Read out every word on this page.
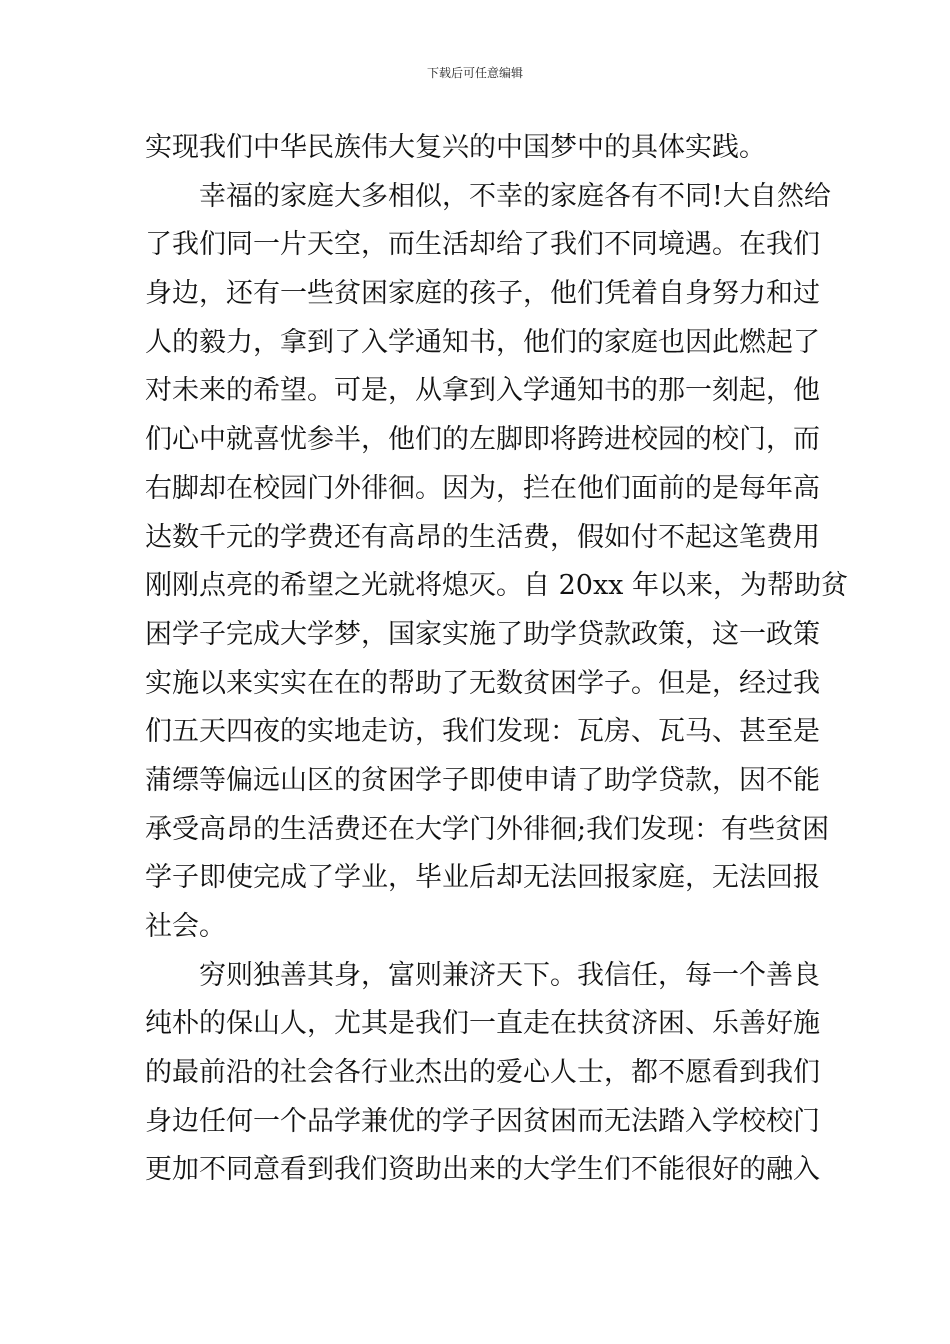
下载后可任意编辑
实现我们中华民族伟大复兴的中国梦中的具体实践。
幸福的家庭大多相似，不幸的家庭各有不同!大自然给
了我们同一片天空，而生活却给了我们不同境遇。在我们
身边，还有一些贫困家庭的孩子，他们凭着自身努力和过
人的毅力，拿到了入学通知书，他们的家庭也因此燃起了
对未来的希望。可是，从拿到入学通知书的那一刻起，他
们心中就喜忧参半，他们的左脚即将跨进校园的校门，而
右脚却在校园门外徘徊。因为，拦在他们面前的是每年高
达数千元的学费还有高昂的生活费，假如付不起这笔费用
刚刚点亮的希望之光就将熄灭。自 20xx 年以来，为帮助贫
困学子完成大学梦，国家实施了助学贷款政策，这一政策
实施以来实实在在的帮助了无数贫困学子。但是，经过我
们五天四夜的实地走访，我们发现：瓦房、瓦马、甚至是
蒲缥等偏远山区的贫困学子即使申请了助学贷款，因不能
承受高昂的生活费还在大学门外徘徊;我们发现：有些贫困
学子即使完成了学业，毕业后却无法回报家庭，无法回报
社会。
穷则独善其身，富则兼济天下。我信任，每一个善良
纯朴的保山人，尤其是我们一直走在扶贫济困、乐善好施
的最前沿的社会各行业杰出的爱心人士，都不愿看到我们
身边任何一个品学兼优的学子因贫困而无法踏入学校校门
更加不同意看到我们资助出来的大学生们不能很好的融入
